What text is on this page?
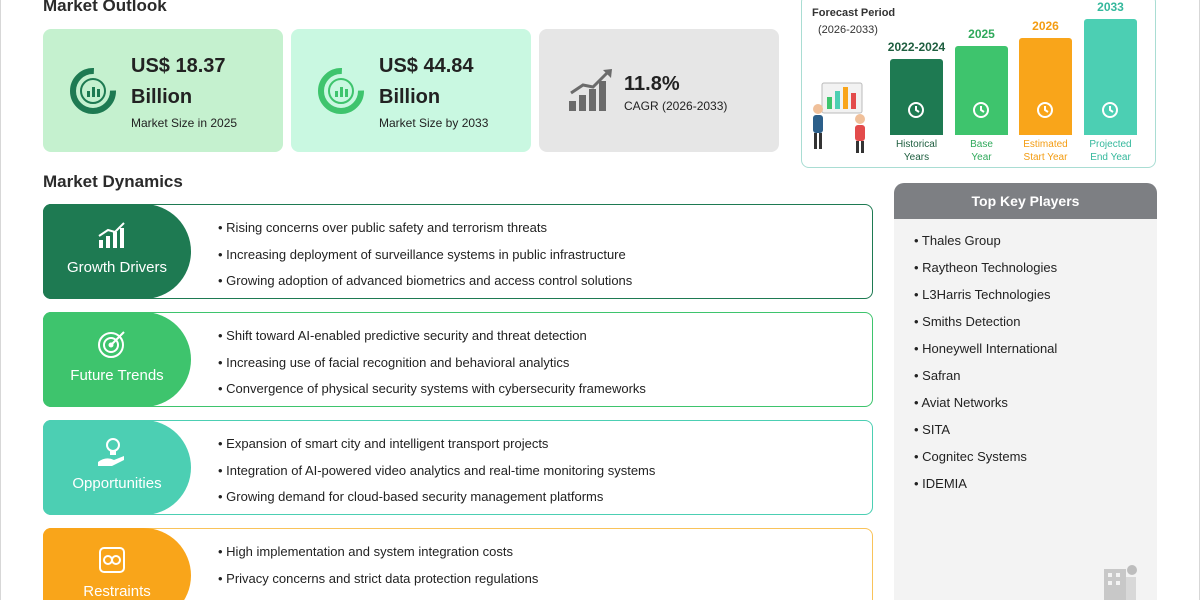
Market Outlook
US$ 18.37
Billion
Market Size in 2025
US$ 44.84
Billion
Market Size by 2033
11.8%
CAGR (2026-2033)
Forecast Period
(2026-2033)
2022-2024
Historical
Years
2025
Base
Year
2026
Estimated
Start Year
2033
Projected
End Year
Market Dynamics
Growth Drivers
• Rising concerns over public safety and terrorism threats
• Increasing deployment of surveillance systems in public infrastructure
• Growing adoption of advanced biometrics and access control solutions
Future Trends
• Shift toward AI-enabled predictive security and threat detection
• Increasing use of facial recognition and behavioral analytics
• Convergence of physical security systems with cybersecurity frameworks
Opportunities
• Expansion of smart city and intelligent transport projects
• Integration of AI-powered video analytics and real-time monitoring systems
• Growing demand for cloud-based security management platforms
Restraints
• High implementation and system integration costs
• Privacy concerns and strict data protection regulations
Top Key Players
• Thales Group
• Raytheon Technologies
• L3Harris Technologies
• Smiths Detection
• Honeywell International
• Safran
• Aviat Networks
• SITA
• Cognitec Systems
• IDEMIA
